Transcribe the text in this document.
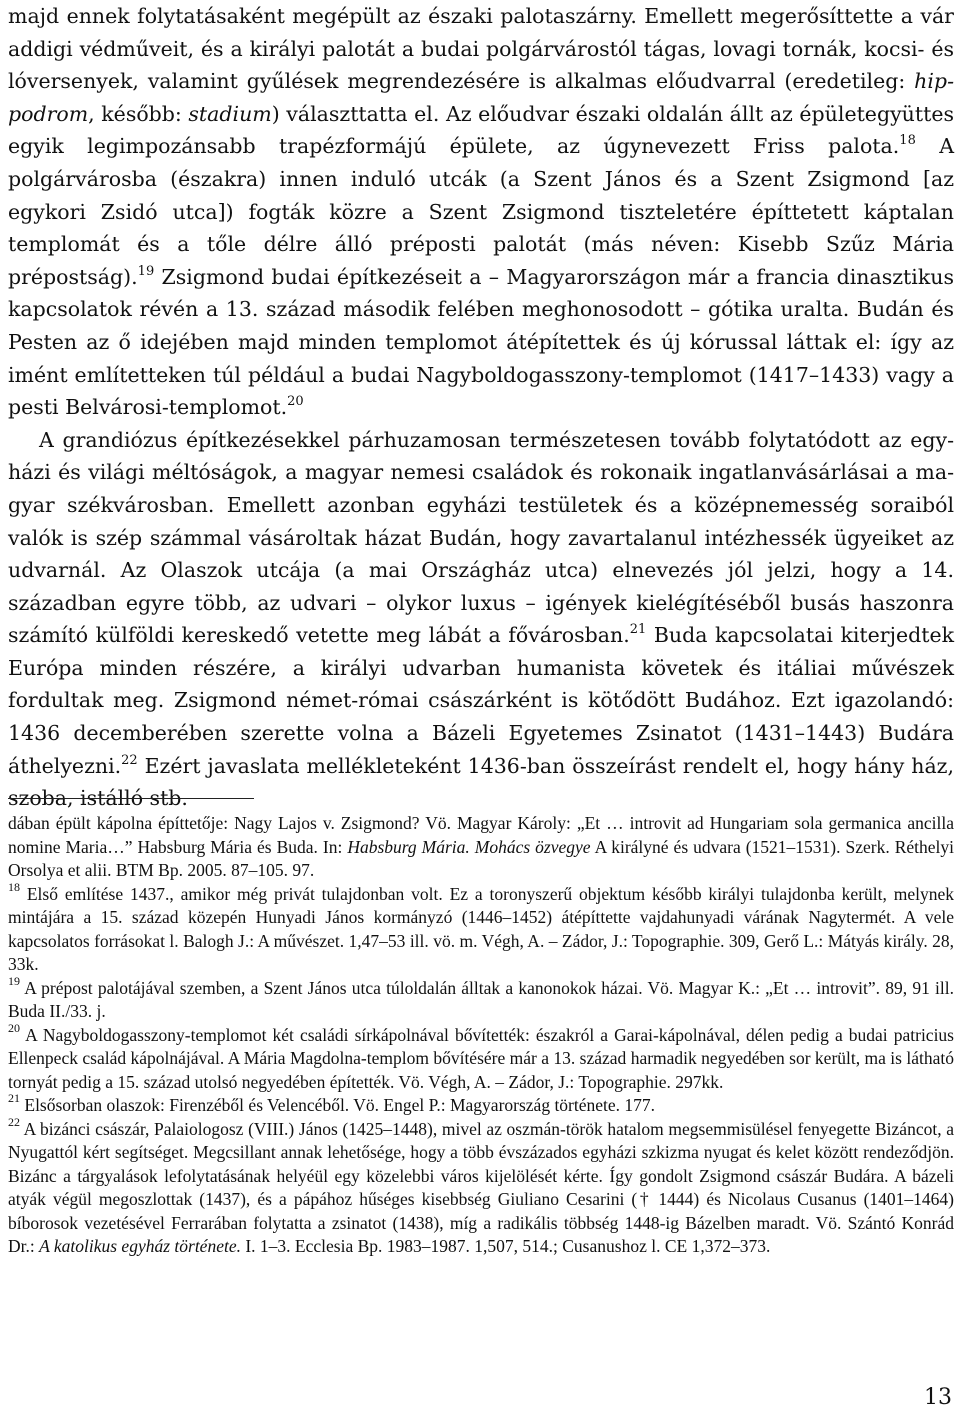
majd ennek folytatásaként megépült az északi palotaszárny. Emellett megerősíttette a vár addigi védműveit, és a királyi palotát a budai polgárvárostól tágas, lovagi tornák, kocsi- és lóversenyek, valamint gyűlések megrendezésére is alkalmas előudvarral (eredetileg: hippodrom, később: stadium) választtatta el. Az előudvar északi oldalán állt az épületegyüttes egyik legimpozánsabb trapézformájú épülete, az úgynevezett Friss palota.$^{18}$ A polgárvárosba (északra) innen induló utcák (a Szent János és a Szent Zsigmond [az egykori Zsidó utca]) fogták közre a Szent Zsigmond tiszteletére építtetett káptalan templomát és a tőle délre álló préposti palotát (más néven: Kisebb Szűz Mária prépostság).$^{19}$ Zsigmond budai építkezéseit a – Magyarországon már a francia dinasztikus kapcsolatok révén a 13. század második felében meghonosodott – gótika uralta. Budán és Pesten az ő idejében majd minden templomot átépítettek és új kórussal láttak el: így az imént említetteken túl például a budai Nagyboldogasszony-templomot (1417–1433) vagy a pesti Belvárosi-templomot.$^{20}$

A grandiózus építkezésekkel párhuzamosan természetesen tovább folytatódott az egyházi és világi méltóságok, a magyar nemesi családok és rokonaik ingatlanvásárlásai a magyar székvárosban. Emellett azonban egyházi testületek és a középnemesség soraiból valók is szép számmal vásároltak házat Budán, hogy zavartalanul intézhessék ügyeiket az udvarnál. Az Olaszok utcája (a mai Országház utca) elnevezés jól jelzi, hogy a 14. században egyre több, az udvari – olykor luxus – igények kielégítéséből busás haszonra számító külföldi kereskedő vetette meg lábát a fővárosban.$^{21}$ Buda kapcsolatai kiterjedtek Európa minden részére, a királyi udvarban humanista követek és itáliai művészek fordultak meg. Zsigmond német-római császárként is kötődött Budához. Ezt igazolandó: 1436 decemberében szerette volna a Bázeli Egyetemes Zsinatot (1431–1443) Budára áthelyezni.$^{22}$ Ezért javaslata mellékleteként 1436-ban összeírást rendelt el, hogy hány ház, szoba, istálló stb.

dában épült kápolna építtetője: Nagy Lajos v. Zsigmond? Vö. Magyar Károly: „Et … introvit ad Hungariam sola germanica ancilla nomine Maria…” Habsburg Mária és Buda. In: Habsburg Mária. Mohács özvegye A királyné és udvara (1521–1531). Szerk. Réthelyi Orsolya et alii. BTM Bp. 2005. 87–105. 97.

$^{18}$ Első említése 1437., amikor még privát tulajdonban volt. Ez a toronyszerű objektum később királyi tulajdonba került, melynek mintájára a 15. század közepén Hunyadi János kormányzó (1446–1452) átépíttette vajdahunyadi várának Nagytermét. A vele kapcsolatos forrásokat l. Balogh J.: A művészet. 1,47–53 ill. vö. m. Végh, A. – Zádor, J.: Topographie. 309, Gerő L.: Mátyás király. 28, 33k.

$^{19}$ A prépost palotájával szemben, a Szent János utca túloldalán álltak a kanonokok házai. Vö. Magyar K.: „Et … introvit”. 89, 91 ill. Buda II./33. j.

$^{20}$ A Nagyboldogasszony-templomot két családi sírkápolnával bővítették: északról a Garai-kápolnával, délen pedig a budai patricius Ellenpeck család kápolnájával. A Mária Magdolna-templom bővítésére már a 13. század harmadik negyedében sor került, ma is látható tornyát pedig a 15. század utolsó negyedében építették. Vö. Végh, A. – Zádor, J.: Topographie. 297kk.

$^{21}$ Elsősorban olaszok: Firenzéből és Velencéből. Vö. Engel P.: Magyarország története. 177.

$^{22}$ A bizánci császár, Palaiologosz (VIII.) János (1425–1448), mivel az oszmán-török hatalom megsemmisülésel fenyegette Bizáncot, a Nyugattól kért segítséget. Megcsillant annak lehetősége, hogy a több évszázados egyházi szkizma nyugat és kelet között rendeződjön. Bizánc a tárgyalások lefolytatásának helyéül egy közelebbi város kijelölését kérte. Így gondolt Zsigmond császár Budára. A bázeli atyák végül megoszlottak (1437), és a pápához hűséges kisebbség Giuliano Cesarini († 1444) és Nicolaus Cusanus (1401–1464) bíborosok vezetésével Ferrarában folytatta a zsinatot (1438), míg a radikális többség 1448-ig Bázelben maradt. Vö. Szántó Konrád Dr.: A katolikus egyház története. I. 1–3. Ecclesia Bp. 1983–1987. 1,507, 514.; Cusanushoz l. CE 1,372–373.

13
